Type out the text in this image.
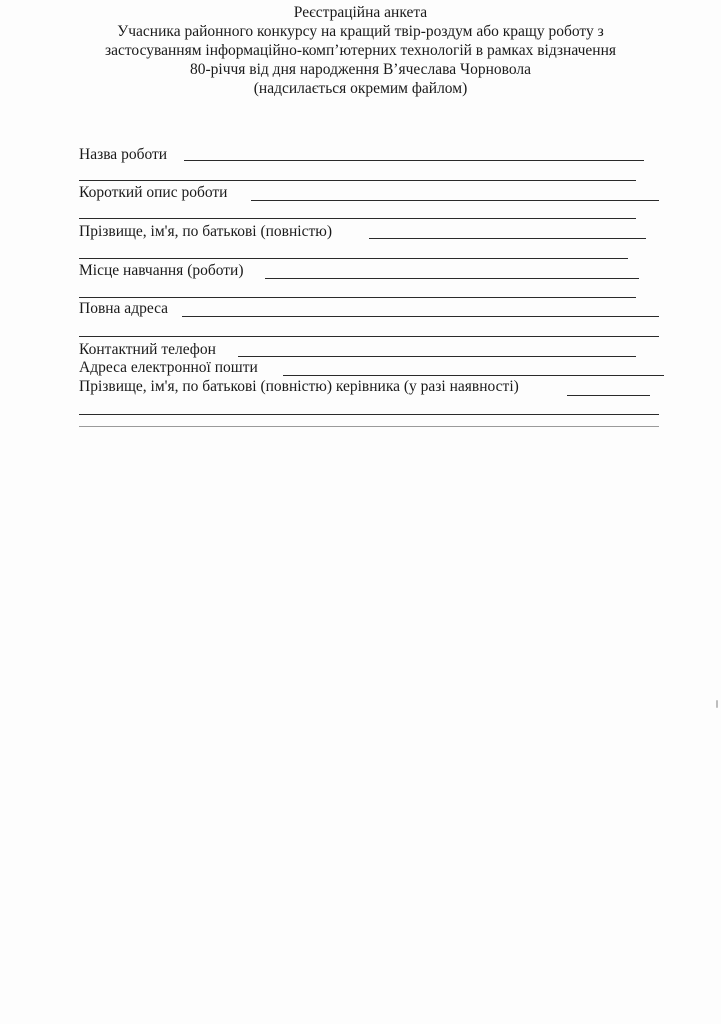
Реєстраційна анкета
Учасника районного конкурсу на кращий твір-роздум або кращу роботу з
застосуванням інформаційно-комп’ютерних технологій в рамках відзначення
80-річчя від дня народження В’ячеслава Чорновола
(надсилається окремим файлом)
Назва роботи
Короткий опис роботи
Прізвище, ім'я, по батькові (повністю)
Місце навчання (роботи)
Повна адреса
Контактний телефон
Адреса електронної пошти
Прізвище, ім'я, по батькові (повністю) керівника (у разі наявності)
